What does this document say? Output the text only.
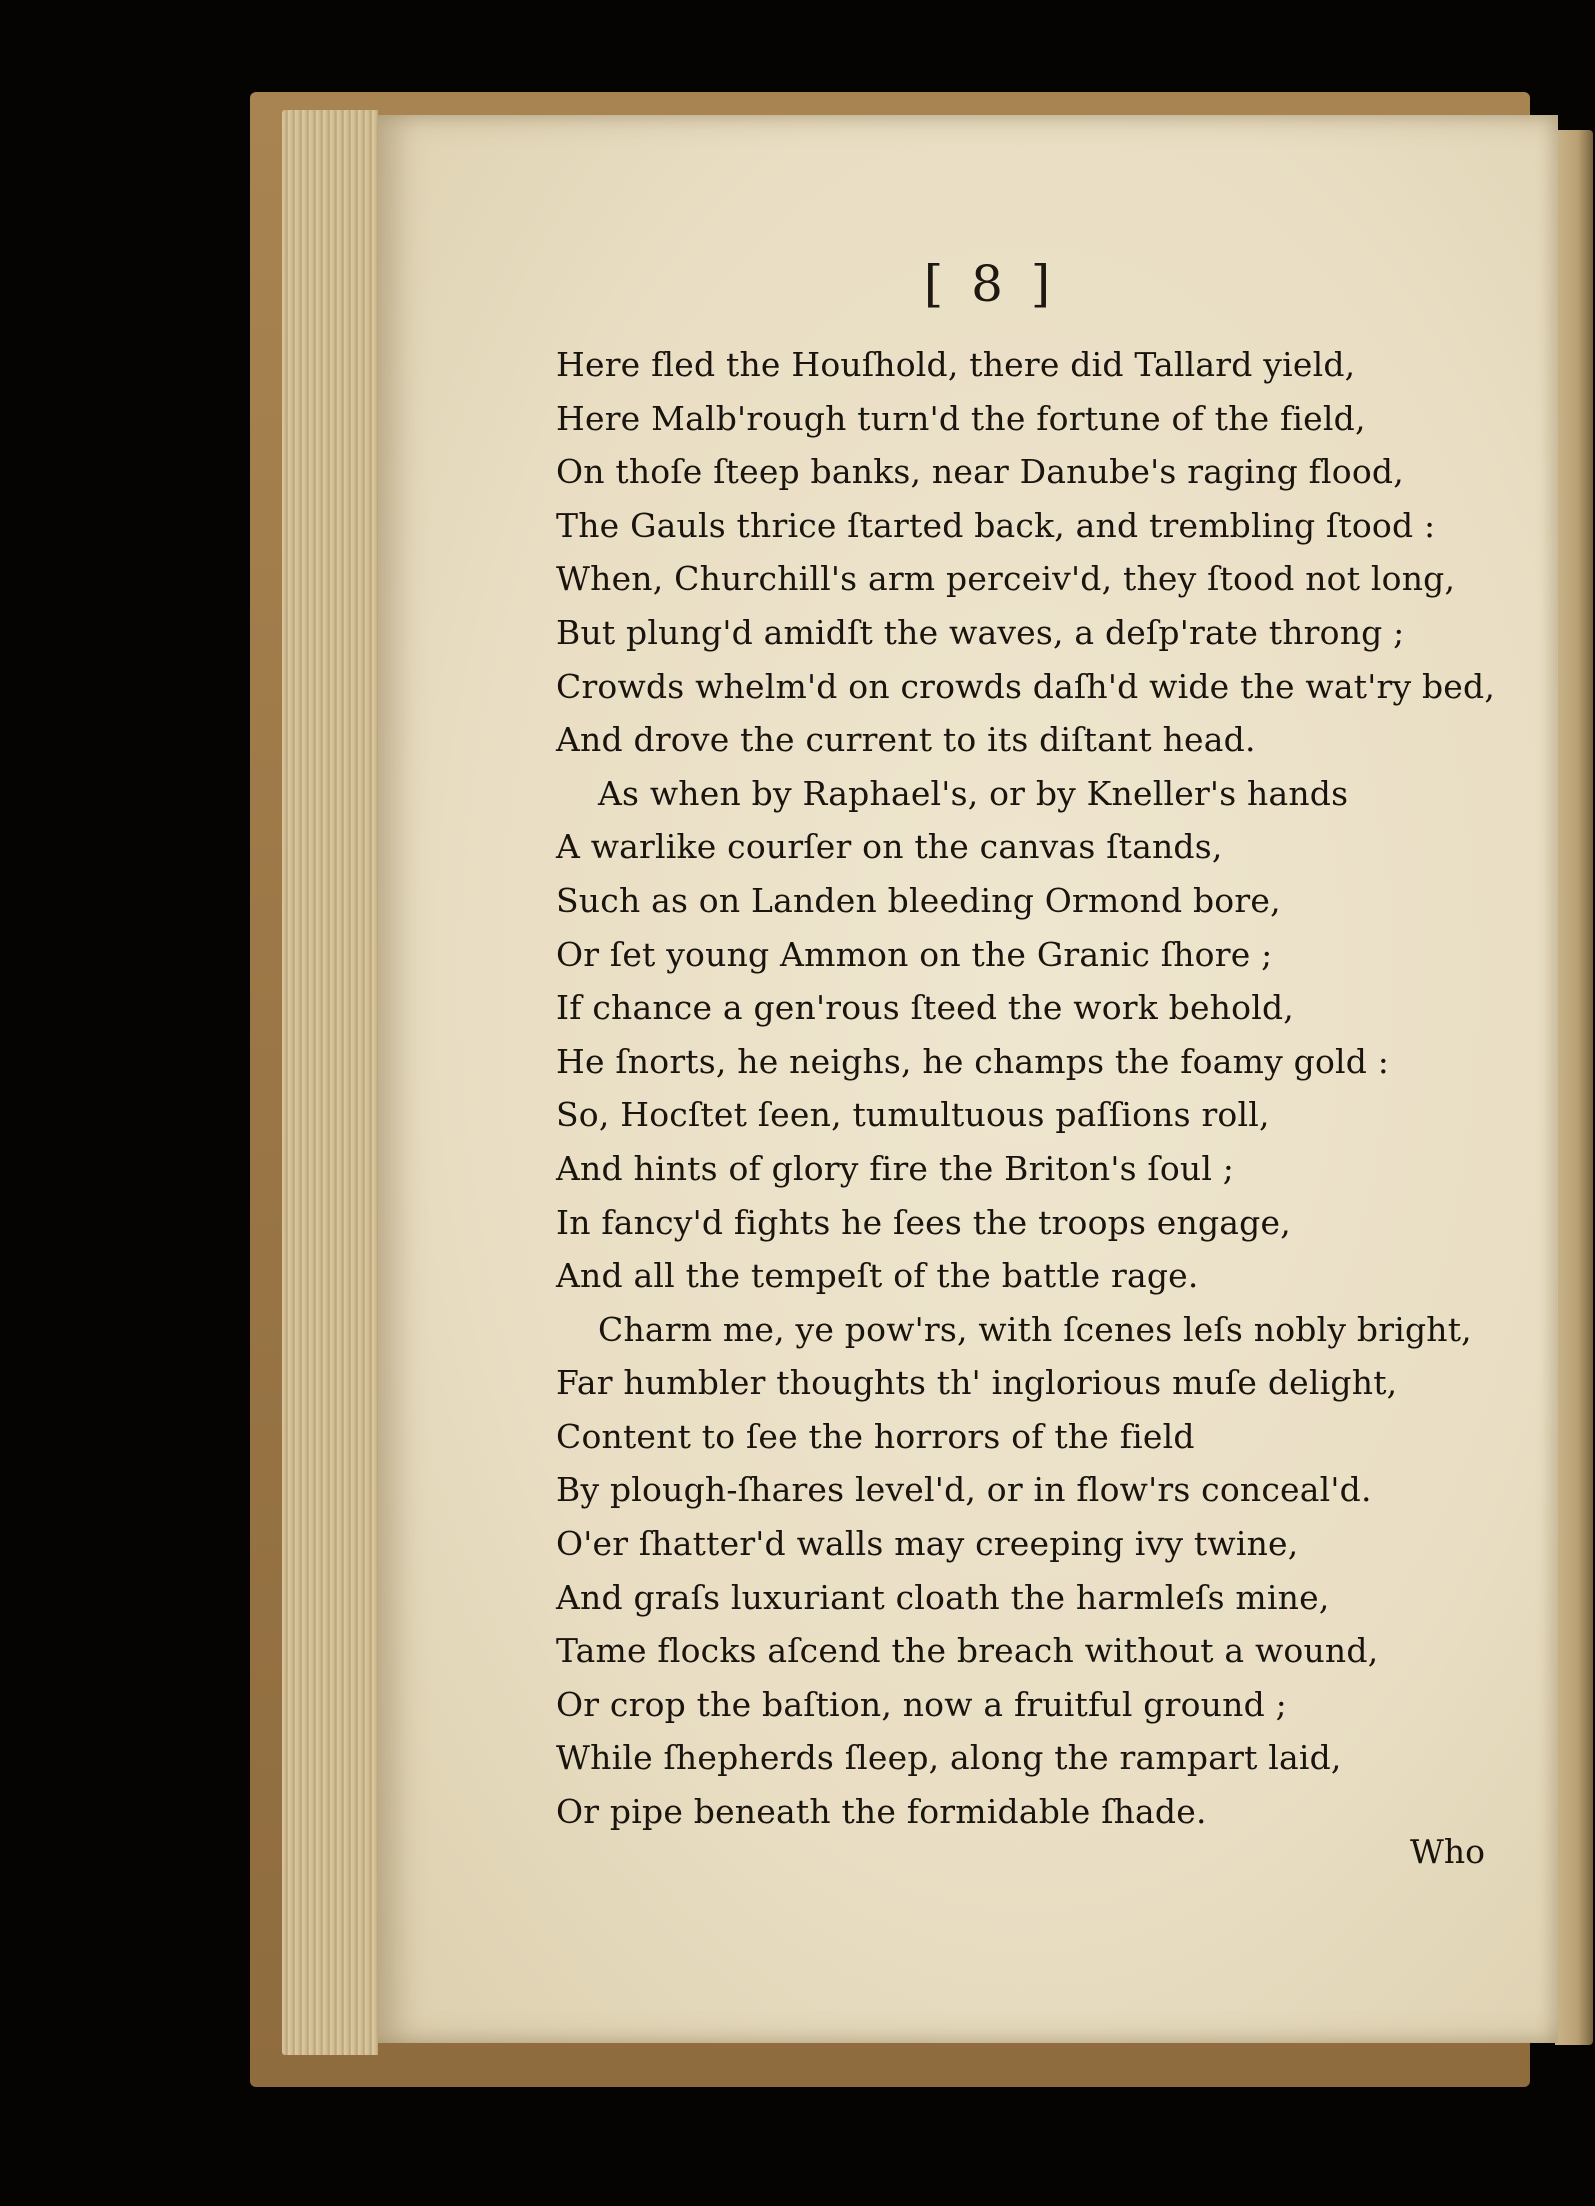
[ 8 ]
Here fled the Houſhold, there did Tallard yield,
Here Malb'rough turn'd the fortune of the field,
On thoſe ſteep banks, near Danube's raging flood,
The Gauls thrice ſtarted back, and trembling ſtood :
When, Churchill's arm perceiv'd, they ſtood not long,
But plung'd amidſt the waves, a deſp'rate throng ;
Crowds whelm'd on crowds daſh'd wide the wat'ry bed,
And drove the current to its diſtant head.
As when by Raphael's, or by Kneller's hands
A warlike courſer on the canvas ſtands,
Such as on Landen bleeding Ormond bore,
Or ſet young Ammon on the Granic ſhore ;
If chance a gen'rous ſteed the work behold,
He ſnorts, he neighs, he champs the foamy gold :
So, Hocſtet ſeen, tumultuous paſſions roll,
And hints of glory fire the Briton's ſoul ;
In fancy'd fights he ſees the troops engage,
And all the tempeſt of the battle rage.
Charm me, ye pow'rs, with ſcenes leſs nobly bright,
Far humbler thoughts th' inglorious muſe delight,
Content to ſee the horrors of the field
By plough-ſhares level'd, or in flow'rs conceal'd.
O'er ſhatter'd walls may creeping ivy twine,
And graſs luxuriant cloath the harmleſs mine,
Tame flocks aſcend the breach without a wound,
Or crop the baſtion, now a fruitful ground ;
While ſhepherds ſleep, along the rampart laid,
Or pipe beneath the formidable ſhade.
Who
